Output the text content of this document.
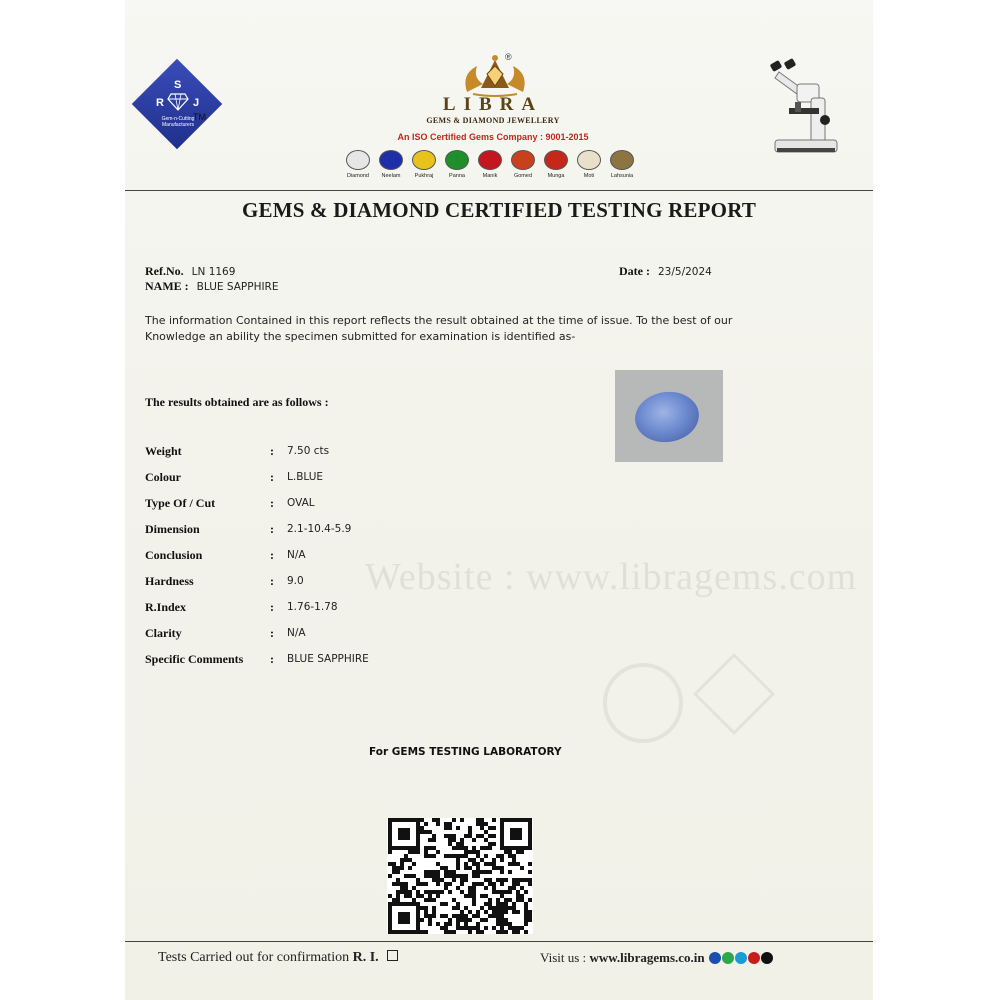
Website : www.libragems.com
S
R	J
Gem-n-Cutting Manufacturers
TM
®
LIBRA
GEMS & DIAMOND JEWELLERY
An ISO Certified Gems Company : 9001-2015
Diamond	Neelam	Pukhraj	Panna	Manik	Gomed	Munga	Moti	Lahsunia
GEMS & DIAMOND CERTIFIED TESTING REPORT
Ref.No. LN 1169	Date : 23/5/2024
NAME : BLUE SAPPHIRE
The information Contained in this report reflects the result obtained at the time of issue. To the best of our Knowledge an ability the specimen submitted for examination is identified as-
The results obtained are as follows :
Weight	: 7.50 cts
Colour	: L.BLUE
Type Of / Cut	: OVAL
Dimension	: 2.1-10.4-5.9
Conclusion	: N/A
Hardness	: 9.0
R.Index	: 1.76-1.78
Clarity	: N/A
Specific Comments	: BLUE SAPPHIRE
For GEMS TESTING LABORATORY
Tests Carried out for confirmation R. I.	Visit us : www.libragems.co.in
